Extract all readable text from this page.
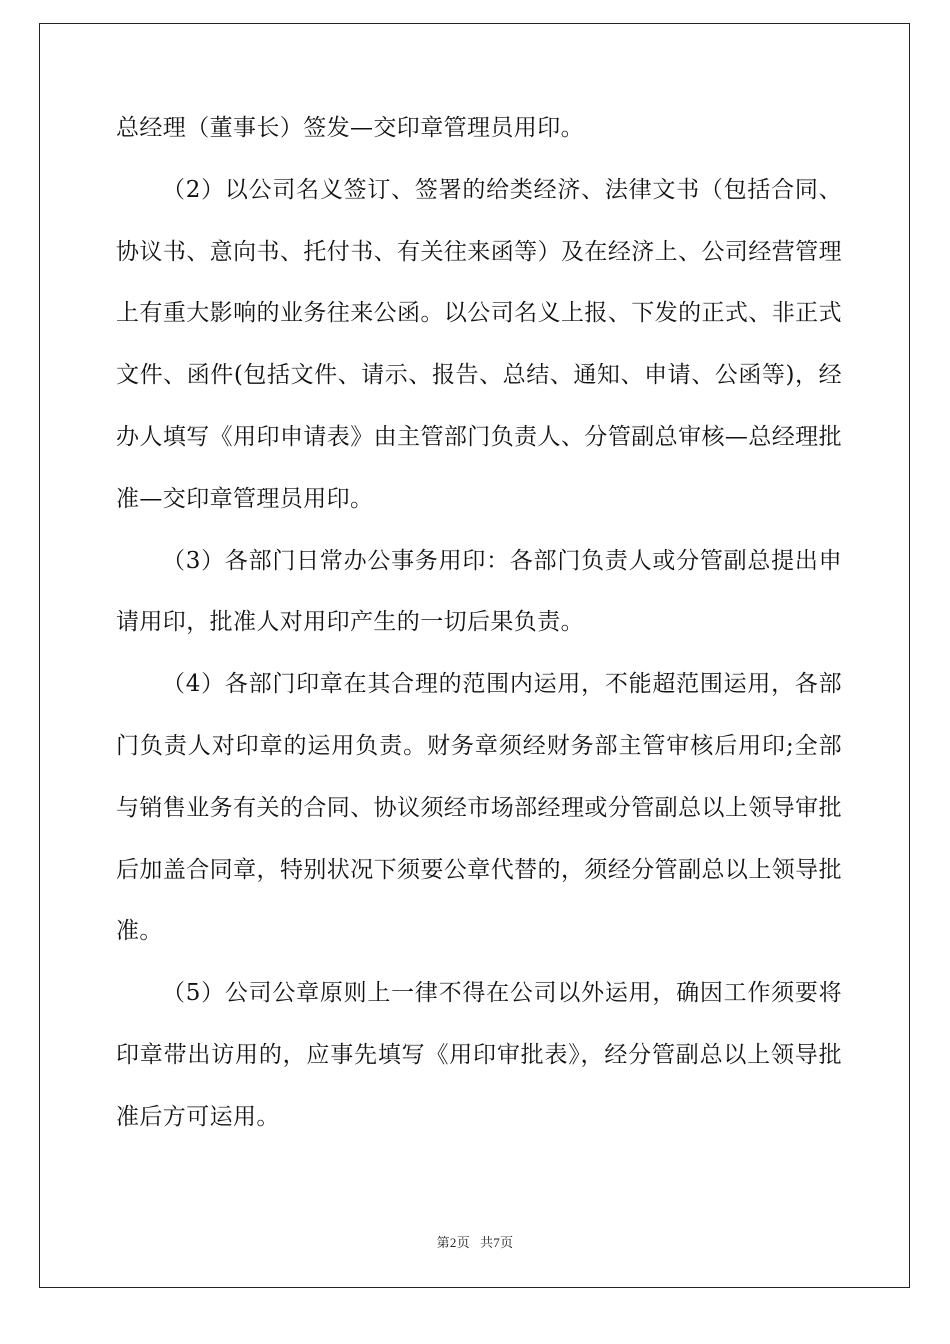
总经理（董事长）签发—交印章管理员用印。

（2）以公司名义签订、签署的给类经济、法律文书（包括合同、协议书、意向书、托付书、有关往来函等）及在经济上、公司经营管理上有重大影响的业务往来公函。以公司名义上报、下发的正式、非正式文件、函件(包括文件、请示、报告、总结、通知、申请、公函等)，经办人填写《用印申请表》由主管部门负责人、分管副总审核—总经理批准—交印章管理员用印。

（3）各部门日常办公事务用印：各部门负责人或分管副总提出申请用印，批准人对用印产生的一切后果负责。

（4）各部门印章在其合理的范围内运用，不能超范围运用，各部门负责人对印章的运用负责。财务章须经财务部主管审核后用印;全部与销售业务有关的合同、协议须经市场部经理或分管副总以上领导审批后加盖合同章，特别状况下须要公章代替的，须经分管副总以上领导批准。

（5）公司公章原则上一律不得在公司以外运用，确因工作须要将印章带出访用的，应事先填写《用印审批表》，经分管副总以上领导批准后方可运用。

第2页 共7页
